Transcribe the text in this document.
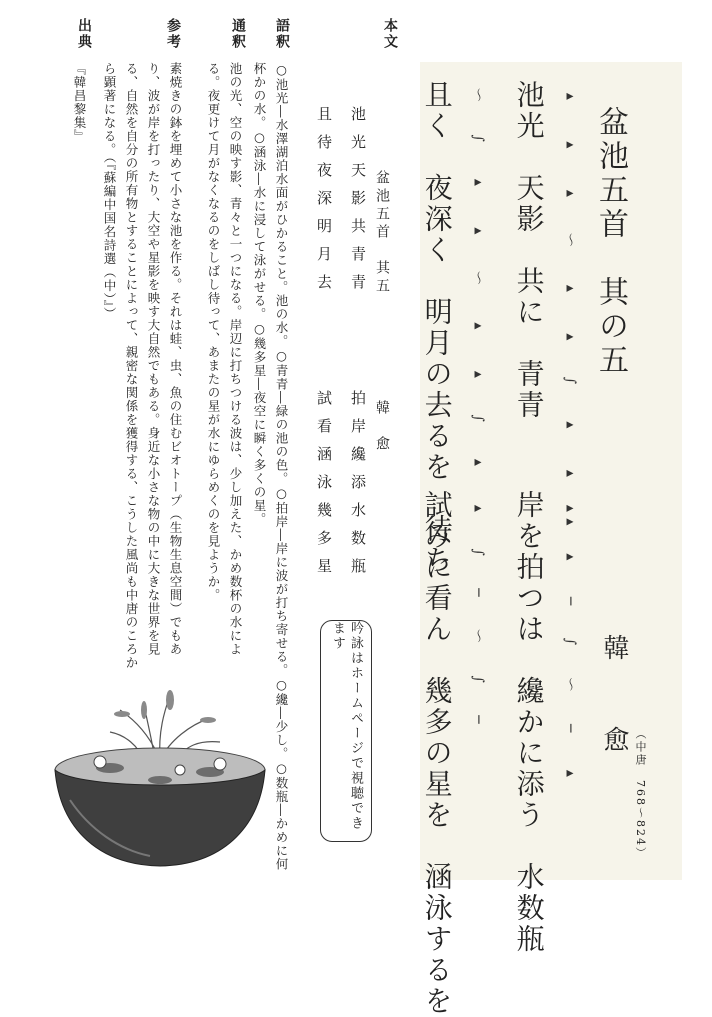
本文
語釈
通釈
参考
出典
盆池五首　其の五
韓　愈
（中唐　768〜824）
池光　天影　共に　青青
岸を拍つは　纔かに添う　水数瓶
且く　夜深く　明月の去るを　待ち
試みに看ん　幾多の星を　涵泳するを
▸ ▸ ▸ ～ ▸ ▸ ∫ ▸ ▸ ▸
～ ∫ ▸ ▸ ～ ▸ ▸ ∫ ▸
▸ ▸ ─ ∫ ～ ─ ▸
▸ ∫ ─ ～ ∫ ─
盆池五首　其五
韓　愈
池光天影共青青
拍岸纔添水数瓶
且待夜深明月去
試看涵泳幾多星
○池光―水澤湖泊水面がひかること。池の水。○青青―緑の池の色。○拍岸―岸に波が打ち寄せる。○纔―少し。○数瓶―かめに何杯かの水。○涵泳―水に浸して泳がせる。○幾多星―夜空に瞬く多くの星。
池の光、空の映す影、青々と一つになる。岸辺に打ちつける波は、少し加えた、かめ数杯の水による。夜更けて月がなくなるのをしばし待って、あまたの星が水にゆらめくのを見ようか。
素焼きの鉢を埋めて小さな池を作る。それは蛙、虫、魚の住むビオトープ（生物生息空間）でもあり、波が岸を打ったり、大空や星影を映す大自然でもある。身近な小さな物の中に大きな世界を見る、自然を自分の所有物とすることによって、親密な関係を獲得する、こうした風尚も中唐のころから顕著になる。（『蘇編中国名詩選（中）』）
『韓昌黎集』
吟詠はホームページで視聴できます
